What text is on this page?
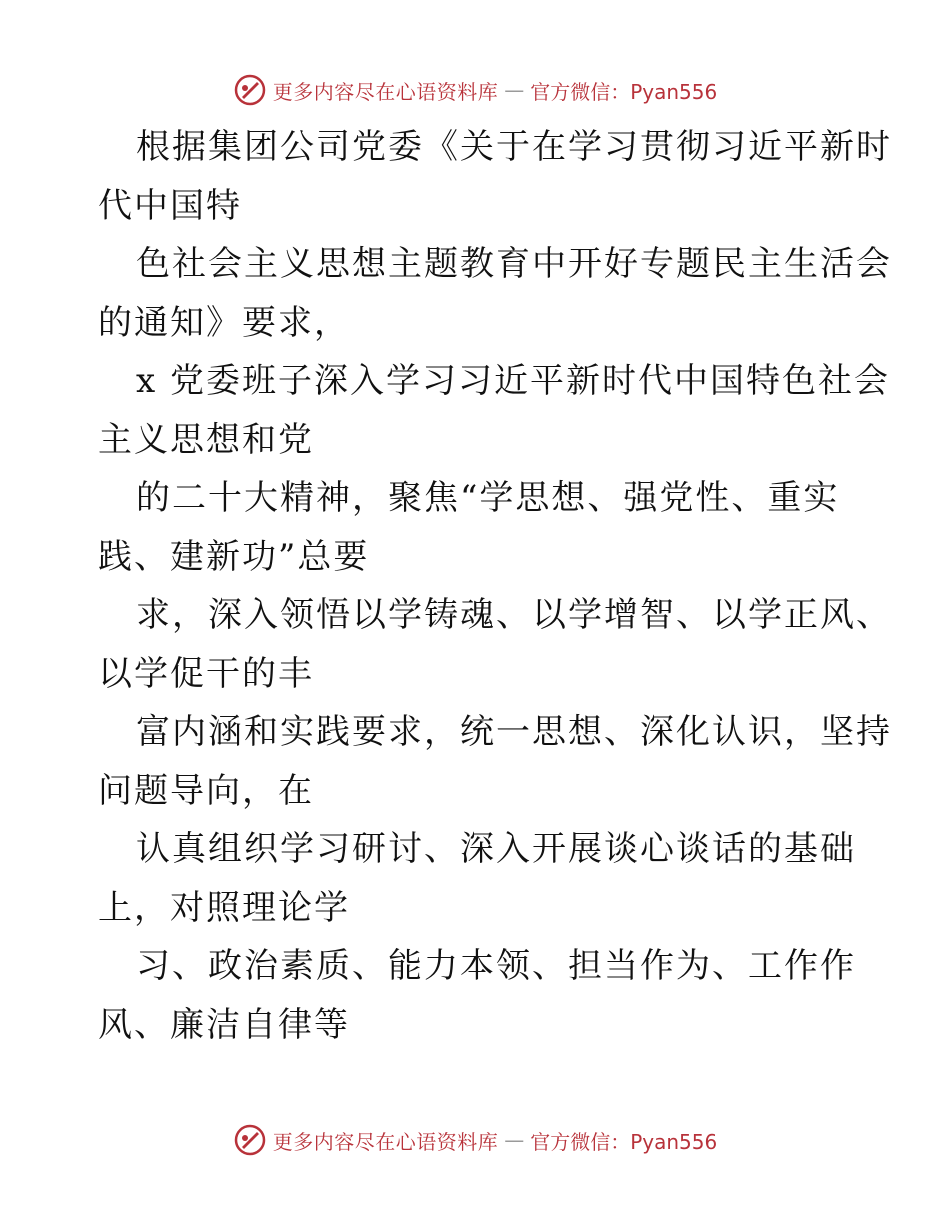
更多内容尽在心语资料库 — 官方微信：Pyan556
根据集团公司党委《关于在学习贯彻习近平新时
代中国特
色社会主义思想主题教育中开好专题民主生活会
的通知》要求，
x 党委班子深入学习习近平新时代中国特色社会
主义思想和党
的二十大精神，聚焦“学思想、强党性、重实
践、建新功”总要
求，深入领悟以学铸魂、以学增智、以学正风、
以学促干的丰
富内涵和实践要求，统一思想、深化认识，坚持
问题导向，在
认真组织学习研讨、深入开展谈心谈话的基础
上，对照理论学
习、政治素质、能力本领、担当作为、工作作
风、廉洁自律等
更多内容尽在心语资料库 — 官方微信：Pyan556
